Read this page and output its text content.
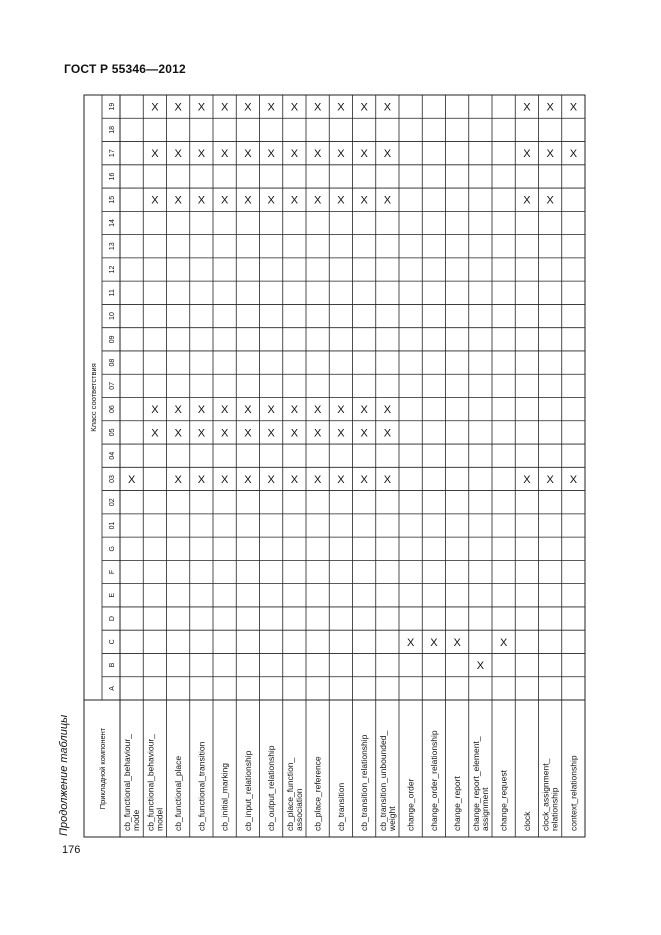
ГОСТ Р 55346—2012
Продолжение таблицы
176
Класс соответствия
Прикладной компонент
A
B
C
D
E
F
G
01
02
03
04
05
06
07
08
09
10
11
12
13
14
15
16
17
18
19
cb_functional_behaviour_ mode cb_functional_behaviour_ model cb_functional_place cb_functional_transition cb_initial_marking cb_input_relationship cb_output_relationship cb_place_function_ association cb_place_reference cb_transition cb_transition_relationship cb_transition_unbounded_ weight change_order change_order_relationship change_report change_report_element_ assignment change_request clock clock_assignment_ relationship context_relationship
X
X
X
X
X
X
X
X
X
X
X
X
X
X
X
X
X
X
X
X
X
X
X
X
X
X
X
X
X
X
X
X
X
X
X
X
X
X
X
X
X
X
X
X
X
X
X
X
X
X
X
X
X
X
X
X
X
X
X
X
X
X
X
X
X
X
X X X
X
X
X
X
X
X
X
X
X
X
X
X
X
